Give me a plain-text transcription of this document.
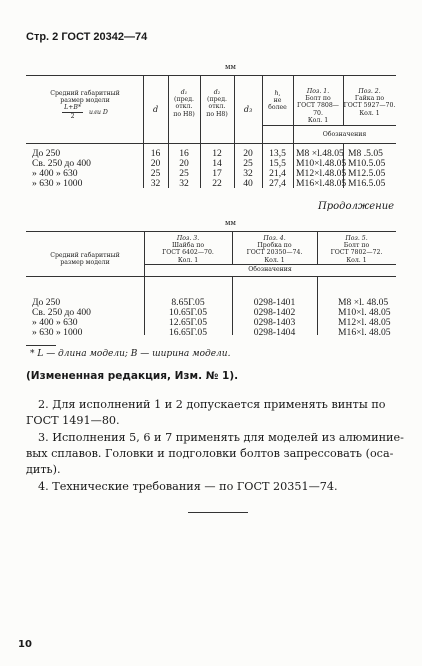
Стр. 2 ГОСТ 20342—74
мм
Средний габаритный
размер модели
L+B*
2
или D	d
d₁
(пред.
откл.
по H8)
d₂
(пред.
откл.
по H8)
d₃
h,
не
более
Поз. 1.
Болт по
ГОСТ 7808—70.
Кол. 1
Поз. 2.
Гайка по
ГОСТ 5927—70.
Кол. 1
Обозначения
До 250	16	16	12	20	13,5	M8 ×l.48.05 M8 .5.05
Св. 250 до 400	20	20	14	25	15,5	M10×l.48.05 M10.5.05
» 400 » 630	25	25	17	32	21,4	M12×l.48.05 M12.5.05
» 630 » 1000	32	32	22	40	27,4	M16×l.48.05 M16.5.05
Продолжение
мм
Средний габаритный
размер модели
Поз. 3.
Шайба по
ГОСТ 6402—70.
Кол. 1
Поз. 4.
Пробка по
ГОСТ 20350—74.
Кол. 1
Поз. 5.
Болт по
ГОСТ 7802—72.
Кол. 1
Обозначения
До 250	8.65Г.05	0298-1401	M8 ×l. 48.05
Св. 250 до 400	10.65Г.05	0298-1402	M10×l. 48.05
» 400 » 630	12.65Г.05	0298-1403	M12×l. 48.05
» 630 » 1000	16.65Г.05	0298-1404	M16×l. 48.05
* L — длина модели; B — ширина модели.
(Измененная редакция, Изм. № 1).
2. Для исполнений 1 и 2 допускается применять винты по
ГОСТ 1491—80.
3. Исполнения 5, 6 и 7 применять для моделей из алюминие-
вых сплавов. Головки и подголовки болтов запрессовать (оса-
дить).
4. Технические требования — по ГОСТ 20351—74.
10
